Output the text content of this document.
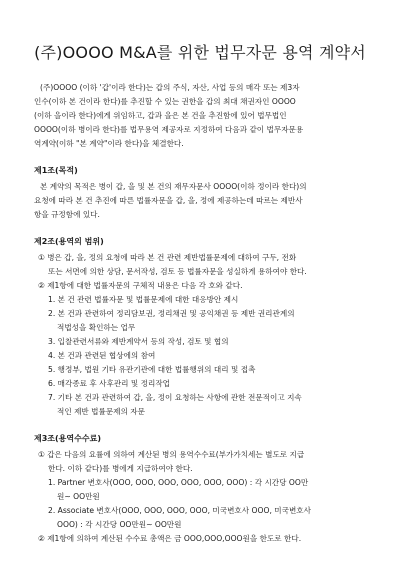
(주)OOOO M&A를 위한 법무자문 용역 계약서

(주)OOOO (이하 '갑'이라 한다)는 갑의 주식, 자산, 사업 등의 매각 또는 제3자

인수(이하 본 건이라 한다)를 추진할 수 있는 권한을 갑의 최대 채권자인 OOOO

(이하 을이라 한다)에게 위임하고, 갑과 을은 본 건을 추진함에 있어 법무법인

OOOO(이하 병이라 한다)를 법무용역 제공자로 지정하여 다음과 같이 법무자문용

역계약(이하 "본 계약"이라 한다)을 체결한다.

제1조(목적)

본 계약의 목적은 병이 갑, 을 및 본 건의 재무자문사 OOOO(이하 정이라 한다)의

요청에 따라 본 건 추진에 따른 법률자문을 갑, 을, 정에 제공하는데 따르는 제반사

항을 규정함에 있다.

제2조(용역의 범위)

① 병은 갑, 을, 정의 요청에 따라 본 건 관련 제반법률문제에 대하여 구두, 전화

또는 서면에 의한 상담, 문서작성, 검토 등 법률자문을 성실하게 용하여야 한다.

② 제1항에 대한 법률자문의 구체적 내용은 다음 각 호와 같다.

1. 본 건 관련 법률자문 및 법률문제에 대한 대응방안 제시

2. 본 건과 관련하여 정리담보권, 정리채권 및 공익채권 등 제반 권리관계의

적법성을 확인하는 업무

3. 입찰관련서류와 제반계약서 등의 작성, 검토 및 협의

4. 본 건과 관련된 협상에의 참여

5. 행정부, 법원 기타 유관기관에 대한 법률행위의 대리 및 접촉

6. 매각종료 후 사후관리 및 정리작업

7. 기타 본 건과 관련하여 갑, 을, 정이 요청하는 사항에 관한 전문적이고 지속

적인 제반 법률문제의 자문

제3조(용역수수료)

① 갑은 다음의 요률에 의하여 계산된 병의 용역수수료(부가가치세는 별도로 지급

한다. 이하 같다)를 병에게 지급하여야 한다.

1. Partner 변호사(OOO, OOO, OOO, OOO, OOO, OOO) : 각 시간당 OO만

원~ OO만원

2. Associate 변호사(OOO, OOO, OOO, OOO, 미국변호사 OOO, 미국변호사

OOO) : 각 시간당 OO만원~ OO만원

② 제1항에 의하여 계산된 수수료 총액은 금 OOO,OOO,OOO원을 한도로 한다.
